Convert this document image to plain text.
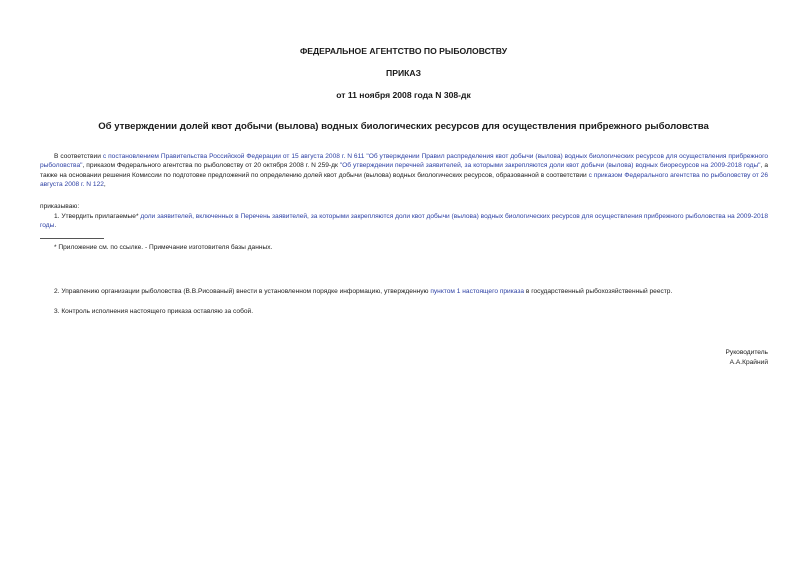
ФЕДЕРАЛЬНОЕ АГЕНТСТВО ПО РЫБОЛОВСТВУ
ПРИКАЗ
от 11 ноября 2008 года N 308-дк
Об утверждении долей квот добычи (вылова) водных биологических ресурсов для осуществления прибрежного рыболовства
В соответствии с постановлением Правительства Российской Федерации от 15 августа 2008 г. N 611 "Об утверждении Правил распределения квот добычи (вылова) водных биологических ресурсов для осуществления прибрежного рыболовства", приказом Федерального агентства по рыболовству от 20 октября 2008 г. N 259-дк "Об утверждении перечней заявителей, за которыми закрепляются доли квот добычи (вылова) водных биоресурсов на 2009-2018 годы", а также на основании решения Комиссии по подготовке предложений по определению долей квот добычи (вылова) водных биологических ресурсов, образованной в соответствии с приказом Федерального агентства по рыболовству от 26 августа 2008 г. N 122,
приказываю:
1. Утвердить прилагаемые* доли заявителей, включенных в Перечень заявителей, за которыми закрепляются доли квот добычи (вылова) водных биологических ресурсов для осуществления прибрежного рыболовства на 2009-2018 годы.
* Приложение см. по ссылке. - Примечание изготовителя базы данных.
2. Управлению организации рыболовства (В.В.Рисованый) внести в установленном порядке информацию, утвержденную пунктом 1 настоящего приказа в государственный рыбохозяйственный реестр.
3. Контроль исполнения настоящего приказа оставляю за собой.
Руководитель
А.А.Крайний
